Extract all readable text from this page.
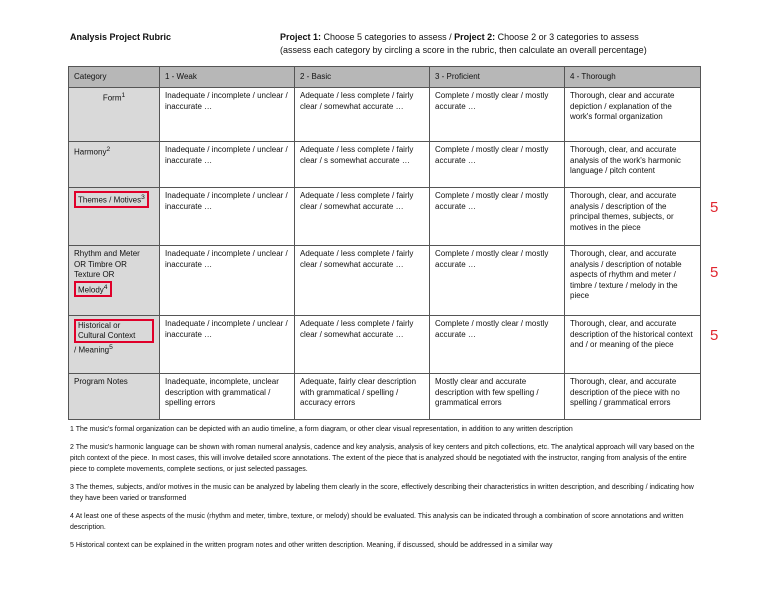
Analysis Project Rubric	Project 1: Choose 5 categories to assess / Project 2: Choose 2 or 3 categories to assess
(assess each category by circling a score in the rubric, then calculate an overall percentage)
Category	1 - Weak	2 - Basic	3 - Proficient	4 - Thorough
Form$^1$	Inadequate / incomplete / unclear / inaccurate …	Adequate / less complete / fairly clear / somewhat accurate …	Complete / mostly clear / mostly accurate …	Thorough, clear and accurate depiction / explanation of the work's formal organization
Harmony$^2$	Inadequate / incomplete / unclear / inaccurate …	Adequate / less complete / fairly clear / s somewhat accurate …	Complete / mostly clear / mostly accurate …	Thorough, clear, and accurate analysis of the work's harmonic language / pitch content
Themes / Motives$^3$	Inadequate / incomplete / unclear / inaccurate …	Adequate / less complete / fairly clear / somewhat accurate …	Complete / mostly clear / mostly accurate …	Thorough, clear, and accurate analysis / description of the principal themes, subjects, or motives in the piece
Rhythm and Meter OR Timbre OR Texture OR Melody$^4$	Inadequate / incomplete / unclear / inaccurate …	Adequate / less complete / fairly clear / somewhat accurate …	Complete / mostly clear / mostly accurate …	Thorough, clear, and accurate analysis / description of notable aspects of rhythm and meter / timbre / texture / melody in the piece
Historical or Cultural Context / Meaning$^5$	Inadequate / incomplete / unclear / inaccurate …	Adequate / less complete / fairly clear / somewhat accurate …	Complete / mostly clear / mostly accurate …	Thorough, clear, and accurate description of the historical context and / or meaning of the piece
Program Notes	Inadequate, incomplete, unclear description with grammatical / spelling errors	Adequate, fairly clear description with grammatical / spelling / accuracy errors	Mostly clear and accurate description with few spelling / grammatical errors	Thorough, clear, and accurate description of the piece with no spelling / grammatical errors
5
5
5

1 The music's formal organization can be depicted with an audio timeline, a form diagram, or other clear visual representation, in addition to any written description

2 The music's harmonic language can be shown with roman numeral analysis, cadence and key analysis, analysis of key centers and pitch collections, etc. The analytical approach will vary based on the pitch context of the piece. In most cases, this will involve detailed score annotations. The extent of the piece that is analyzed should be negotiated with the instructor, ranging from analysis of the entire piece to complete movements, complete sections, or just selected passages.

3 The themes, subjects, and/or motives in the music can be analyzed by labeling them clearly in the score, effectively describing their characteristics in written description, and describing / indicating how they have been varied or transformed

4 At least one of these aspects of the music (rhythm and meter, timbre, texture, or melody) should be evaluated. This analysis can be indicated through a combination of score annotations and written description.

5 Historical context can be explained in the written program notes and other written description. Meaning, if discussed, should be addressed in a similar way
